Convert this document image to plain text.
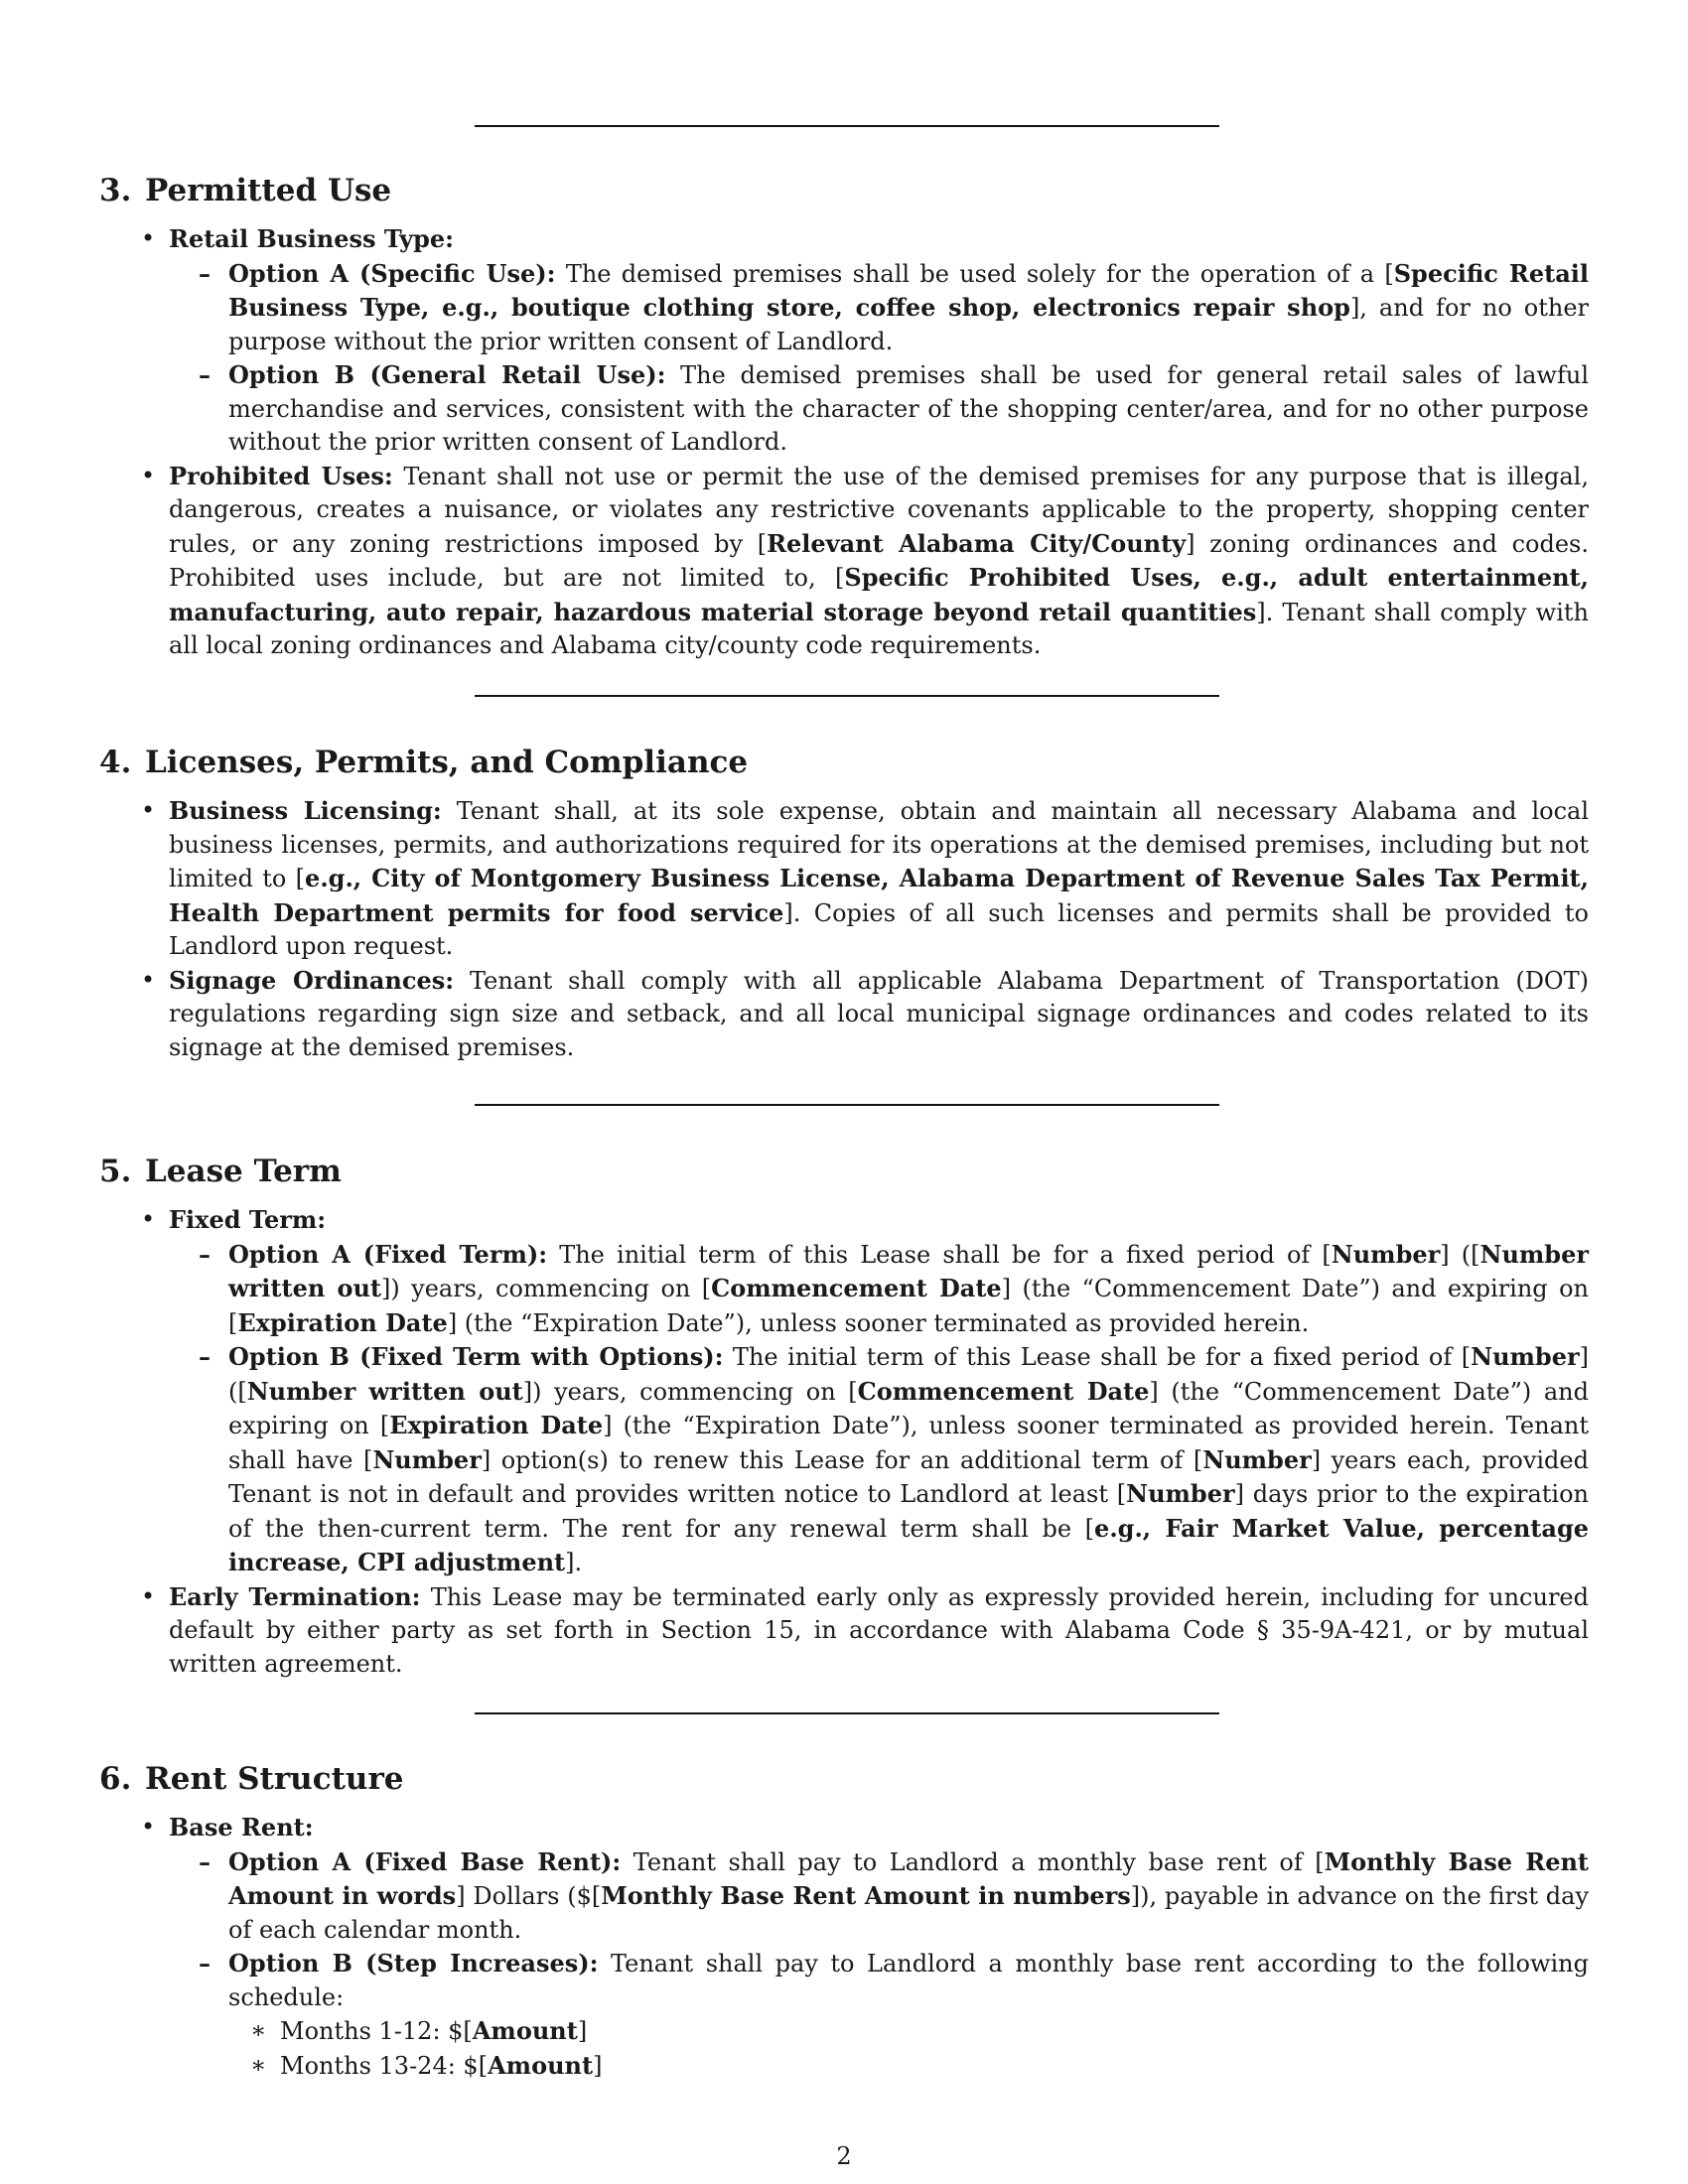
3. Permitted Use
• Retail Business Type:
– Option A (Specific Use): The demised premises shall be used solely for the operation of a [Specific Retail Business Type, e.g., boutique clothing store, coffee shop, electronics repair shop], and for no other purpose without the prior written consent of Landlord.
– Option B (General Retail Use): The demised premises shall be used for general retail sales of lawful merchandise and services, consistent with the character of the shopping center/area, and for no other purpose without the prior written consent of Landlord.
• Prohibited Uses: Tenant shall not use or permit the use of the demised premises for any purpose that is illegal, dangerous, creates a nuisance, or violates any restrictive covenants applicable to the property, shopping center rules, or any zoning restrictions imposed by [Relevant Alabama City/County] zoning ordinances and codes. Prohibited uses include, but are not limited to, [Specific Prohibited Uses, e.g., adult entertainment, manufacturing, auto repair, hazardous material storage beyond retail quantities]. Tenant shall comply with all local zoning ordinances and Alabama city/county code requirements.
4. Licenses, Permits, and Compliance
• Business Licensing: Tenant shall, at its sole expense, obtain and maintain all necessary Alabama and local business licenses, permits, and authorizations required for its operations at the demised premises, including but not limited to [e.g., City of Montgomery Business License, Alabama Department of Revenue Sales Tax Permit, Health Department permits for food service]. Copies of all such licenses and permits shall be provided to Landlord upon request.
• Signage Ordinances: Tenant shall comply with all applicable Alabama Department of Transportation (DOT) regulations regarding sign size and setback, and all local municipal signage ordinances and codes related to its signage at the demised premises.
5. Lease Term
• Fixed Term:
– Option A (Fixed Term): The initial term of this Lease shall be for a fixed period of [Number] ([Number written out]) years, commencing on [Commencement Date] (the “Commencement Date”) and expiring on [Expiration Date] (the “Expiration Date”), unless sooner terminated as provided herein.
– Option B (Fixed Term with Options): The initial term of this Lease shall be for a fixed period of [Number] ([Number written out]) years, commencing on [Commencement Date] (the “Commencement Date”) and expiring on [Expiration Date] (the “Expiration Date”), unless sooner terminated as provided herein. Tenant shall have [Number] option(s) to renew this Lease for an additional term of [Number] years each, provided Tenant is not in default and provides written notice to Landlord at least [Number] days prior to the expiration of the then-current term. The rent for any renewal term shall be [e.g., Fair Market Value, percentage increase, CPI adjustment].
• Early Termination: This Lease may be terminated early only as expressly provided herein, including for uncured default by either party as set forth in Section 15, in accordance with Alabama Code § 35-9A-421, or by mutual written agreement.
6. Rent Structure
• Base Rent:
– Option A (Fixed Base Rent): Tenant shall pay to Landlord a monthly base rent of [Monthly Base Rent Amount in words] Dollars ($[Monthly Base Rent Amount in numbers]), payable in advance on the first day of each calendar month.
– Option B (Step Increases): Tenant shall pay to Landlord a monthly base rent according to the following schedule:
∗ Months 1-12: $[Amount]
∗ Months 13-24: $[Amount]
2
